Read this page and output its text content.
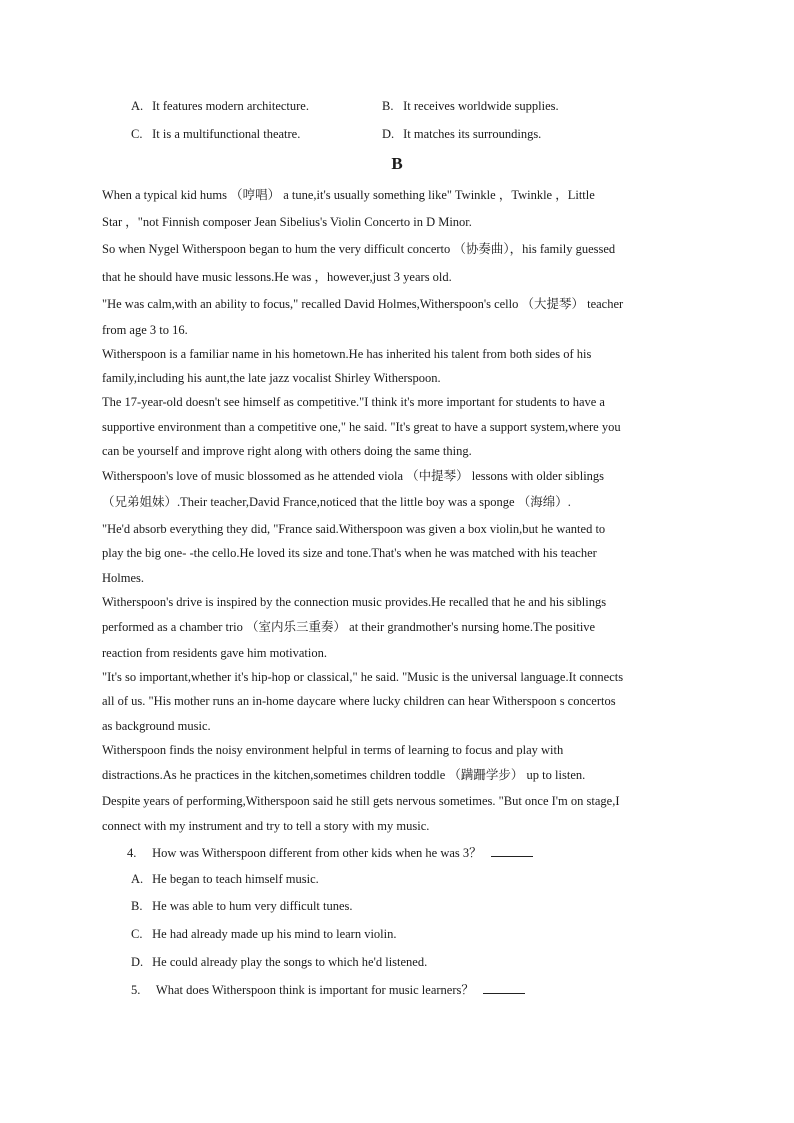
A. It features modern architecture.	B. It receives worldwide supplies.
C. It is a multifunctional theatre.	D. It matches its surroundings.
B
When a typical kid hums （哼唱） a tune,it's usually something like" Twinkle ，Twinkle ，Little
Star ，"not Finnish composer Jean Sibelius's Violin Concerto in D Minor.
So when Nygel Witherspoon began to hum the very difficult concerto （协奏曲），his family guessed
that he should have music lessons.He was ，however,just 3 years old.
"He was calm,with an ability to focus," recalled David Holmes,Witherspoon's cello （大提琴） teacher
from age 3 to 16.
Witherspoon is a familiar name in his hometown.He has inherited his talent from both sides of his
family,including his aunt,the late jazz vocalist Shirley Witherspoon.
The 17-year-old doesn't see himself as competitive."I think it's more important for students to have a
supportive environment than a competitive one," he said. "It's great to have a support system,where you
can be yourself and improve right along with others doing the same thing.
Witherspoon's love of music blossomed as he attended viola （中提琴） lessons with older siblings
（兄弟姐妹）.Their teacher,David France,noticed that the little boy was a sponge （海绵）.
"He'd absorb everything they did, "France said.Witherspoon was given a box violin,but he wanted to
play the big one- -the cello.He loved its size and tone.That's when he was matched with his teacher
Holmes.
Witherspoon's drive is inspired by the connection music provides.He recalled that he and his siblings
performed as a chamber trio （室内乐三重奏） at their grandmother's nursing home.The positive
reaction from residents gave him motivation.
"It's so important,whether it's hip-hop or classical," he said. "Music is the universal language.It connects
all of us. "His mother runs an in-home daycare where lucky children can hear Witherspoon s concertos
as background music.
Witherspoon finds the noisy environment helpful in terms of learning to focus and play with
distractions.As he practices in the kitchen,sometimes children toddle （蹒跚学步） up to listen.
Despite years of performing,Witherspoon said he still gets nervous sometimes. "But once I'm on stage,I
connect with my instrument and try to tell a story with my music.
4. How was Witherspoon different from other kids when he was 3？
A. He began to teach himself music.
B. He was able to hum very difficult tunes.
C. He had already made up his mind to learn violin.
D. He could already play the songs to which he'd listened.
5. What does Witherspoon think is important for music learners？
